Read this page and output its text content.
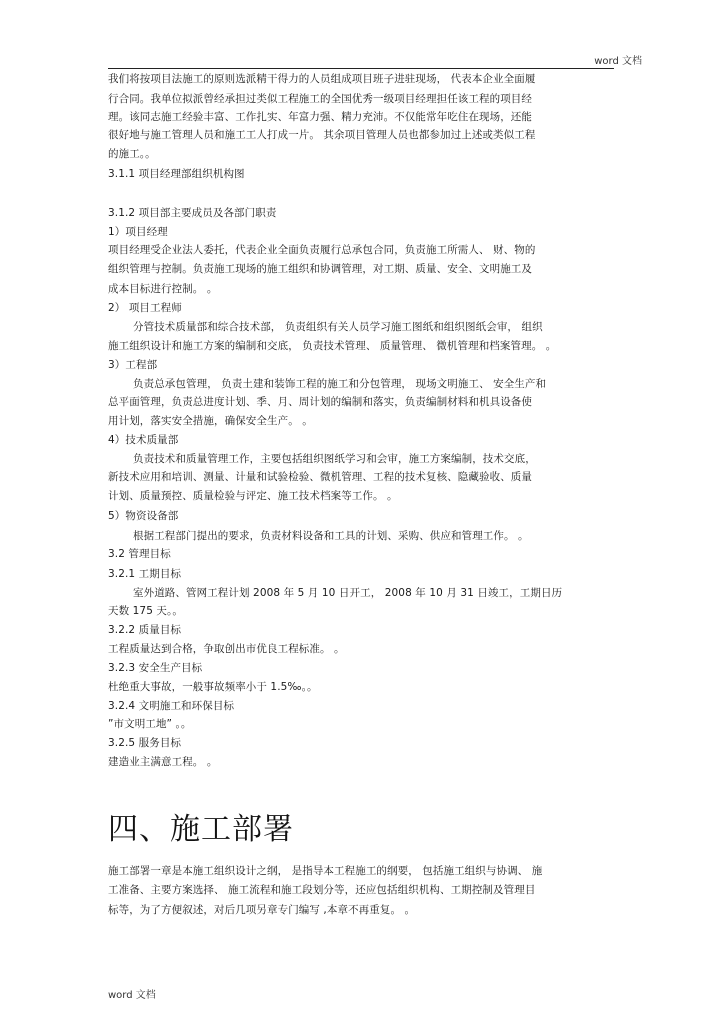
word 文档
我们将按项目法施工的原则选派精干得力的人员组成项目班子进驻现场， 代表本企业全面履
行合同。我单位拟派曾经承担过类似工程施工的全国优秀一级项目经理担任该工程的项目经
理。该同志施工经验丰富、工作扎实、年富力强、精力充沛。不仅能常年吃住在现场，还能
很好地与施工管理人员和施工工人打成一片。 其余项目管理人员也都参加过上述或类似工程
的施工。。
3.1.1 项目经理部组织机构图
3.1.2 项目部主要成员及各部门职责
1）项目经理
项目经理受企业法人委托，代表企业全面负责履行总承包合同，负责施工所需人、 财、物的
组织管理与控制。负责施工现场的施工组织和协调管理，对工期、质量、安全、文明施工及
成本目标进行控制。 。
2） 项目工程师
分管技术质量部和综合技术部， 负责组织有关人员学习施工图纸和组织图纸会审， 组织
施工组织设计和施工方案的编制和交底， 负责技术管理、 质量管理、 微机管理和档案管理。 。
3）工程部
负责总承包管理， 负责土建和装饰工程的施工和分包管理， 现场文明施工、 安全生产和
总平面管理，负责总进度计划、季、月、周计划的编制和落实，负责编制材料和机具设备使
用计划，落实安全措施，确保安全生产。 。
4）技术质量部
负责技术和质量管理工作，主要包括组织图纸学习和会审，施工方案编制，技术交底，
新技术应用和培训、测量、计量和试验检验、微机管理、工程的技术复核、隐藏验收、质量
计划、质量预控、质量检验与评定、施工技术档案等工作。 。
5）物资设备部
根据工程部门提出的要求，负责材料设备和工具的计划、采购、供应和管理工作。 。
3.2 管理目标
3.2.1 工期目标
室外道路、管网工程计划 2008 年 5 月 10 日开工， 2008 年 10 月 31 日竣工，工期日历
天数 175 天。。
3.2.2 质量目标
工程质量达到合格，争取创出市优良工程标准。 。
3.2.3 安全生产目标
杜绝重大事故，一般事故频率小于 1.5‰。。
3.2.4 文明施工和环保目标
”市文明工地” 。。
3.2.5 服务目标
建造业主满意工程。 。
四、施工部署
施工部署一章是本施工组织设计之纲， 是指导本工程施工的纲要， 包括施工组织与协调、 施
工准备、主要方案选择、 施工流程和施工段划分等，还应包括组织机构、工期控制及管理目
标等，为了方便叙述，对后几项另章专门编写 ,本章不再重复。 。
word 文档
